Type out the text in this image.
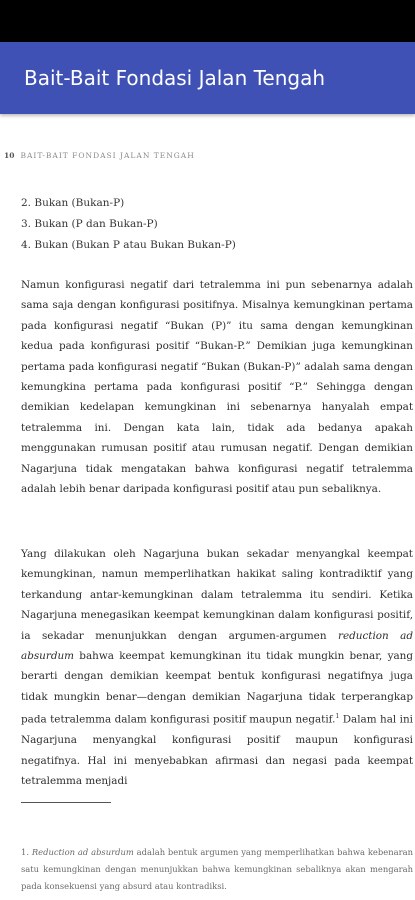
Bait-Bait Fondasi Jalan Tengah
10 BAIT-BAIT FONDASI JALAN TENGAH
2. Bukan (Bukan-P)
3. Bukan (P dan Bukan-P)
4. Bukan (Bukan P atau Bukan Bukan-P)

Namun konfigurasi negatif dari tetralemma ini pun sebenarnya adalah sama saja dengan konfigurasi positifnya. Misalnya kemungkinan pertama pada konfigurasi negatif “Bukan (P)” itu sama dengan kemungkinan kedua pada konfigurasi positif “Bukan-P.” Demikian juga kemungkinan pertama pada konfigurasi negatif “Bukan (Bukan-P)” adalah sama dengan kemungkina pertama pada konfigurasi positif “P.” Sehingga dengan demikian kedelapan kemungkinan ini sebenarnya hanyalah empat tetralemma ini. Dengan kata lain, tidak ada bedanya apakah menggunakan rumusan positif atau rumusan negatif. Dengan demikian Nagarjuna tidak mengatakan bahwa konfigurasi negatif tetralemma adalah lebih benar daripada konfigurasi positif atau pun sebaliknya.

Yang dilakukan oleh Nagarjuna bukan sekadar menyangkal keempat kemungkinan, namun memperlihatkan hakikat saling kontradiktif yang terkandung antar-kemungkinan dalam tetralemma itu sendiri. Ketika Nagarjuna menegasikan keempat kemungkinan dalam konfigurasi positif, ia sekadar menunjukkan dengan argumen-argumen reduction ad absurdum bahwa keempat kemungkinan itu tidak mungkin benar, yang berarti dengan demikian keempat bentuk konfigurasi negatifnya juga tidak mungkin benar—dengan demikian Nagarjuna tidak terperangkap pada tetralemma dalam konfigurasi positif maupun negatif.$^1$ Dalam hal ini Nagarjuna menyangkal konfigurasi positif maupun konfigurasi negatifnya. Hal ini menyebabkan afirmasi dan negasi pada keempat tetralemma menjadi

1. Reduction ad absurdum adalah bentuk argumen yang memperlihatkan bahwa kebenaran satu kemungkinan dengan menunjukkan bahwa kemungkinan sebaliknya akan mengarah pada konsekuensi yang absurd atau kontradiksi.
